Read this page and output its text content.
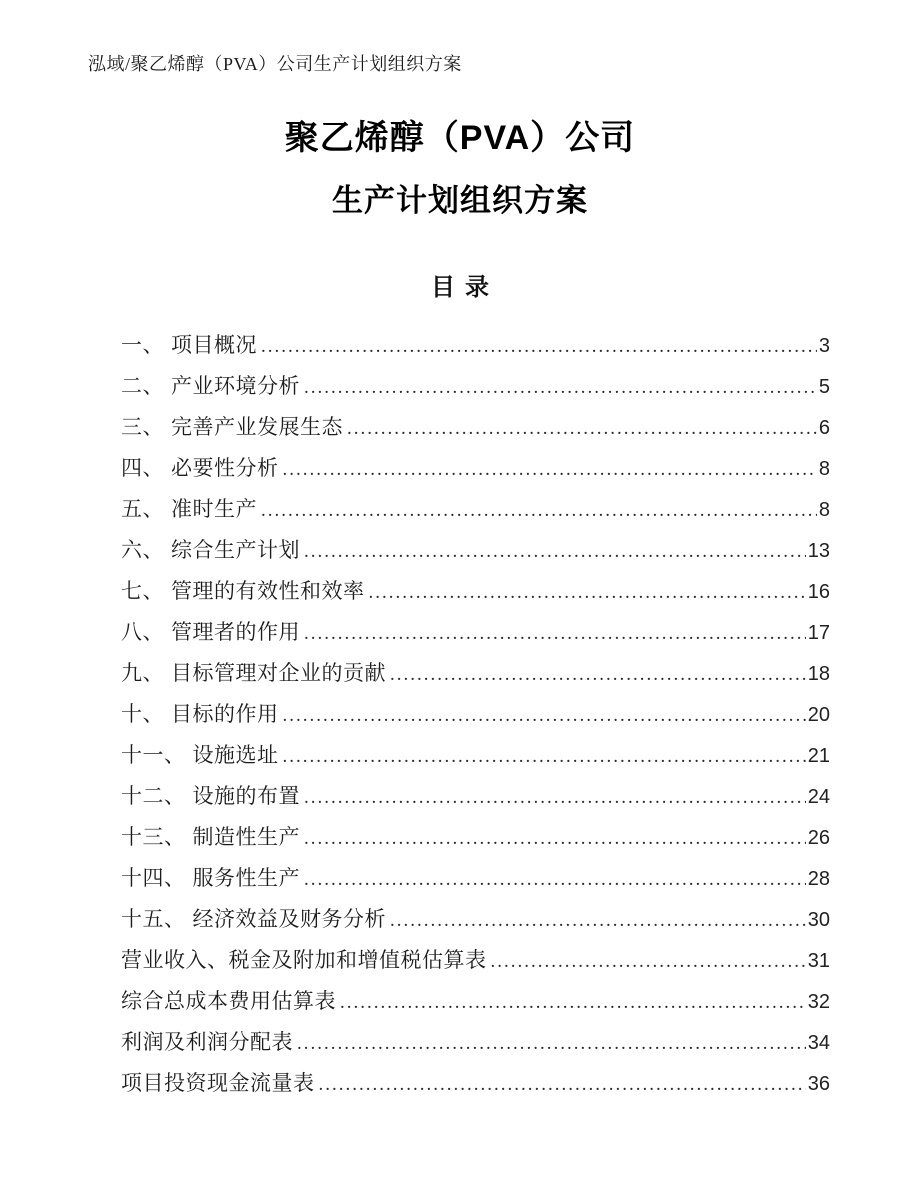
泓域/聚乙烯醇（PVA）公司生产计划组织方案
聚乙烯醇（PVA）公司
生产计划组织方案
目录
一、 项目概况 .....	3
二、 产业环境分析 .....	5
三、 完善产业发展生态 .....	6
四、 必要性分析 .....	8
五、 准时生产 .....	8
六、 综合生产计划 .....	13
七、 管理的有效性和效率 .....	16
八、 管理者的作用 .....	17
九、 目标管理对企业的贡献 .....	18
十、 目标的作用 .....	20
十一、 设施选址 .....	21
十二、 设施的布置 .....	24
十三、 制造性生产 .....	26
十四、 服务性生产 .....	28
十五、 经济效益及财务分析 .....	30
营业收入、税金及附加和增值税估算表 .....	31
综合总成本费用估算表 .....	32
利润及利润分配表 .....	34
项目投资现金流量表 .....	36
